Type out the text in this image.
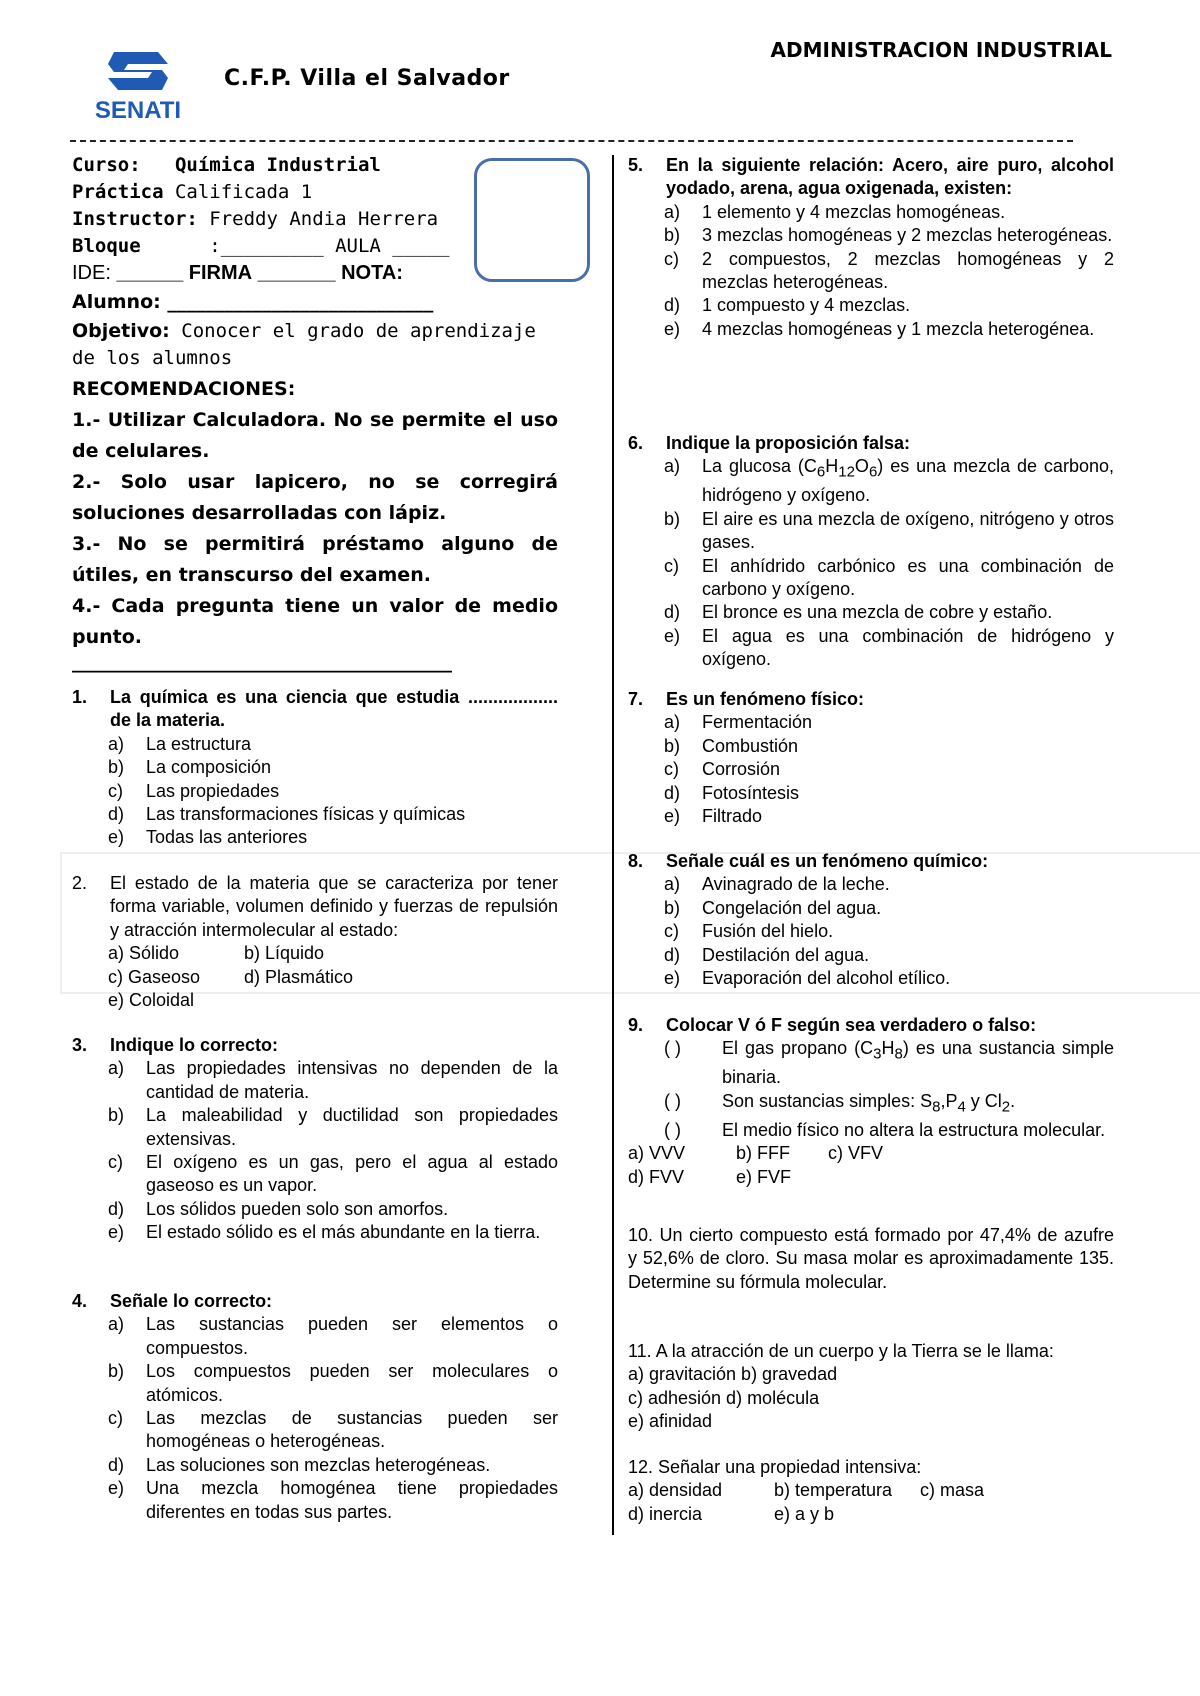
SENATI
C.F.P. Villa el Salvador
ADMINISTRACION INDUSTRIAL
Curso: Química Industrial
Práctica Calificada 1
Instructor: Freddy Andia Herrera
Bloque	:_________ AULA _____
IDE: ______ FIRMA _______ NOTA:
Alumno: ____________________________
Objetivo: Conocer el grado de aprendizaje de los alumnos
RECOMENDACIONES:
1.- Utilizar Calculadora. No se permite el uso de celulares.
2.- Solo usar lapicero, no se corregirá soluciones desarrolladas con lápiz.
3.- No se permitirá préstamo alguno de útiles, en transcurso del examen.
4.- Cada pregunta tiene un valor de medio punto.
________________________________________
1.	La química es una ciencia que estudia .................. de la materia.
a)	La estructura
b)	La composición
c)	Las propiedades
d)	Las transformaciones físicas y químicas
e)	Todas las anteriores
2.	El estado de la materia que se caracteriza por tener forma variable, volumen definido y fuerzas de repulsión y atracción intermolecular al estado:
a) Sólido	b) Líquido
c) Gaseoso	d) Plasmático
e) Coloidal
3.	Indique lo correcto:
a)	Las propiedades intensivas no dependen de la cantidad de materia.
b)	La maleabilidad y ductilidad son propiedades extensivas.
c)	El oxígeno es un gas, pero el agua al estado gaseoso es un vapor.
d)	Los sólidos pueden solo son amorfos.
e)	El estado sólido es el más abundante en la tierra.
4.	Señale lo correcto:
a)	Las sustancias pueden ser elementos o compuestos.
b)	Los compuestos pueden ser moleculares o atómicos.
c)	Las mezclas de sustancias pueden ser homogéneas o heterogéneas.
d)	Las soluciones son mezclas heterogéneas.
e)	Una mezcla homogénea tiene propiedades diferentes en todas sus partes.
5.	En la siguiente relación: Acero, aire puro, alcohol yodado, arena, agua oxigenada, existen:
a)	1 elemento y 4 mezclas homogéneas.
b)	3 mezclas homogéneas y 2 mezclas heterogéneas.
c)	2 compuestos, 2 mezclas homogéneas y 2 mezclas heterogéneas.
d)	1 compuesto y 4 mezclas.
e)	4 mezclas homogéneas y 1 mezcla heterogénea.
6.	Indique la proposición falsa:
a)	La glucosa $(C_6H_{12}O_6)$ es una mezcla de carbono, hidrógeno y oxígeno.
b)	El aire es una mezcla de oxígeno, nitrógeno y otros gases.
c)	El anhídrido carbónico es una combinación de carbono y oxígeno.
d)	El bronce es una mezcla de cobre y estaño.
e)	El agua es una combinación de hidrógeno y oxígeno.
7.	Es un fenómeno físico:
a)	Fermentación
b)	Combustión
c)	Corrosión
d)	Fotosíntesis
e)	Filtrado
8.	Señale cuál es un fenómeno químico:
a)	Avinagrado de la leche.
b)	Congelación del agua.
c)	Fusión del hielo.
d)	Destilación del agua.
e)	Evaporación del alcohol etílico.
9.	Colocar V ó F según sea verdadero o falso:
( )	El gas propano $(C_3H_8)$ es una sustancia simple binaria.
( )	Son sustancias simples: $S_8,P_4$ y $Cl_2$.
( )	El medio físico no altera la estructura molecular.
a) VVV	b) FFF	c) VFV
d) FVV	e) FVF
10. Un cierto compuesto está formado por 47,4% de azufre y 52,6% de cloro. Su masa molar es aproximadamente 135. Determine su fórmula molecular.
11. A la atracción de un cuerpo y la Tierra se le llama:
a) gravitación b) gravedad
c) adhesión d) molécula
e) afinidad
12. Señalar una propiedad intensiva:
a) densidad	b) temperatura	c) masa
d) inercia	e) a y b
